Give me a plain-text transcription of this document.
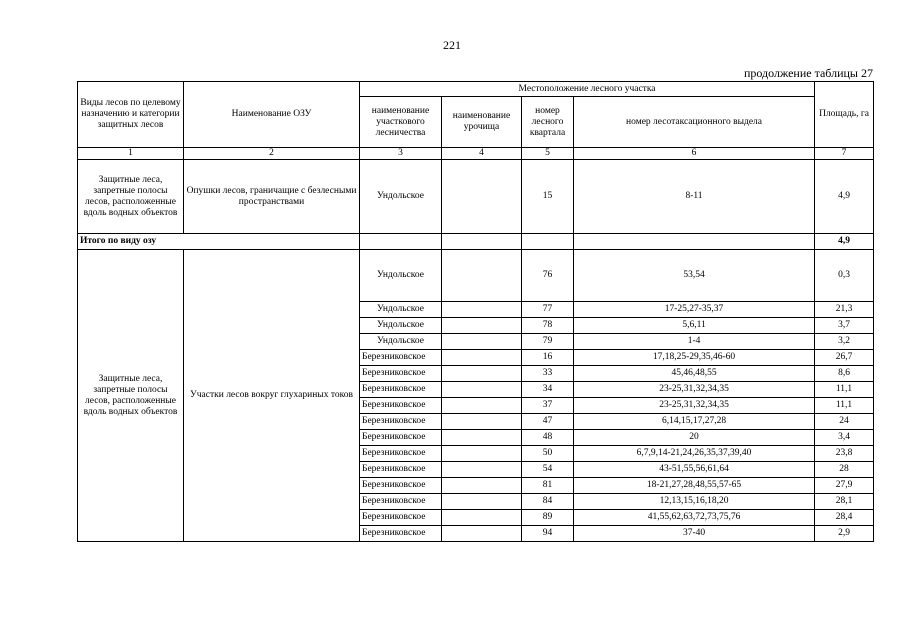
221
продолжение таблицы 27
Виды лесов по целевому назначению и категории защитных лесов	Наименование ОЗУ	Местоположение лесного участка				Площадь, га
		наименование участкового лесничества	наименование урочища	номер лесного квартала	номер лесотаксационного выдела	
1	2	3	4	5	6	7
Защитные леса, запретные полосы лесов, расположенные вдоль водных объектов	Опушки лесов, граничащие с безлесными пространствами	Ундольское		15	8-11	4,9
Итого по виду озу						4,9
Защитные леса, запретные полосы лесов, расположенные вдоль водных объектов	Участки лесов вокруг глухариных токов	Ундольское		76	53,54	0,3
		Ундольское		77	17-25,27-35,37	21,3
		Ундольское		78	5,6,11	3,7
		Ундольское		79	1-4	3,2
		Березниковское		16	17,18,25-29,35,46-60	26,7
		Березниковское		33	45,46,48,55	8,6
		Березниковское		34	23-25,31,32,34,35	11,1
		Березниковское		37	23-25,31,32,34,35	11,1
		Березниковское		47	6,14,15,17,27,28	24
		Березниковское		48	20	3,4
		Березниковское		50	6,7,9,14-21,24,26,35,37,39,40	23,8
		Березниковское		54	43-51,55,56,61,64	28
		Березниковское		81	18-21,27,28,48,55,57-65	27,9
		Березниковское		84	12,13,15,16,18,20	28,1
		Березниковское		89	41,55,62,63,72,73,75,76	28,4
		Березниковское		94	37-40	2,9
